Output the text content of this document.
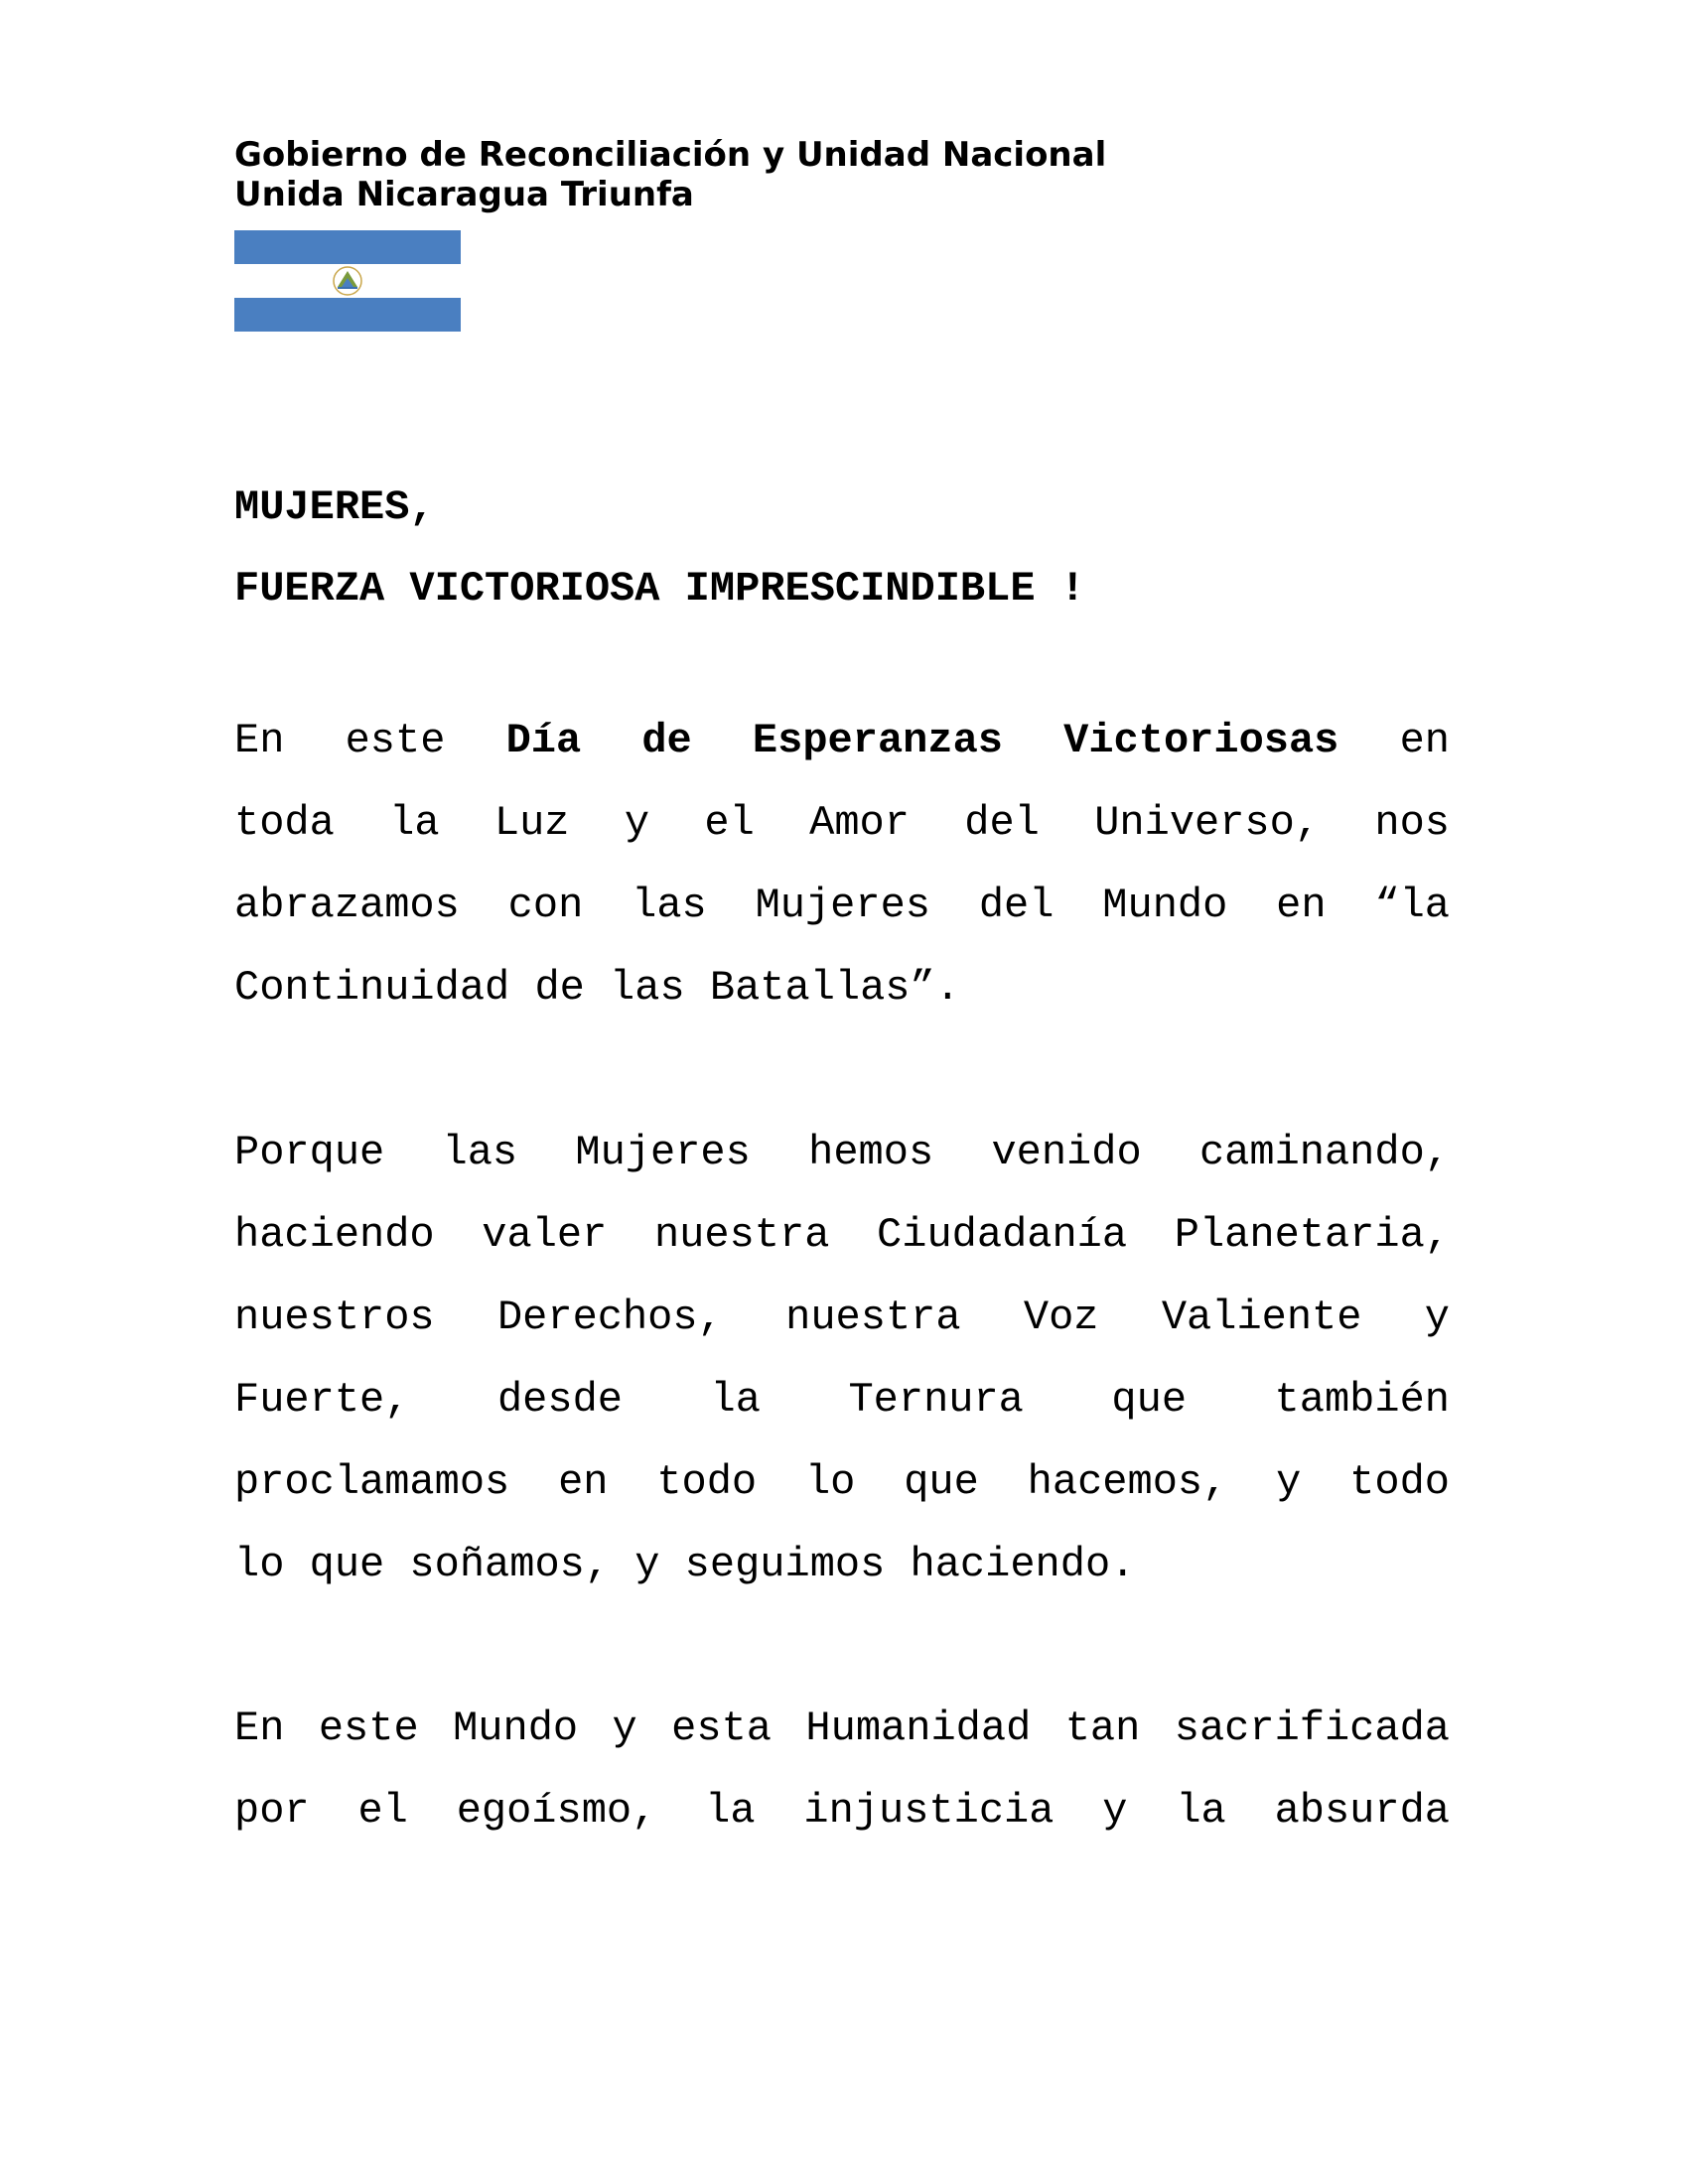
Gobierno de Reconciliación y Unidad Nacional
Unida Nicaragua Triunfa
MUJERES,
FUERZA VICTORIOSA IMPRESCINDIBLE !
En este Día de Esperanzas Victoriosas en
toda la Luz y el Amor del Universo, nos
abrazamos con las Mujeres del Mundo en “la
Continuidad de las Batallas”.
Porque las Mujeres hemos venido caminando,
haciendo valer nuestra Ciudadanía Planetaria,
nuestros Derechos, nuestra Voz Valiente y
Fuerte, desde la Ternura que también
proclamamos en todo lo que hacemos, y todo
lo que soñamos, y seguimos haciendo.
En este Mundo y esta Humanidad tan sacrificada
por el egoísmo, la injusticia y la absurda
